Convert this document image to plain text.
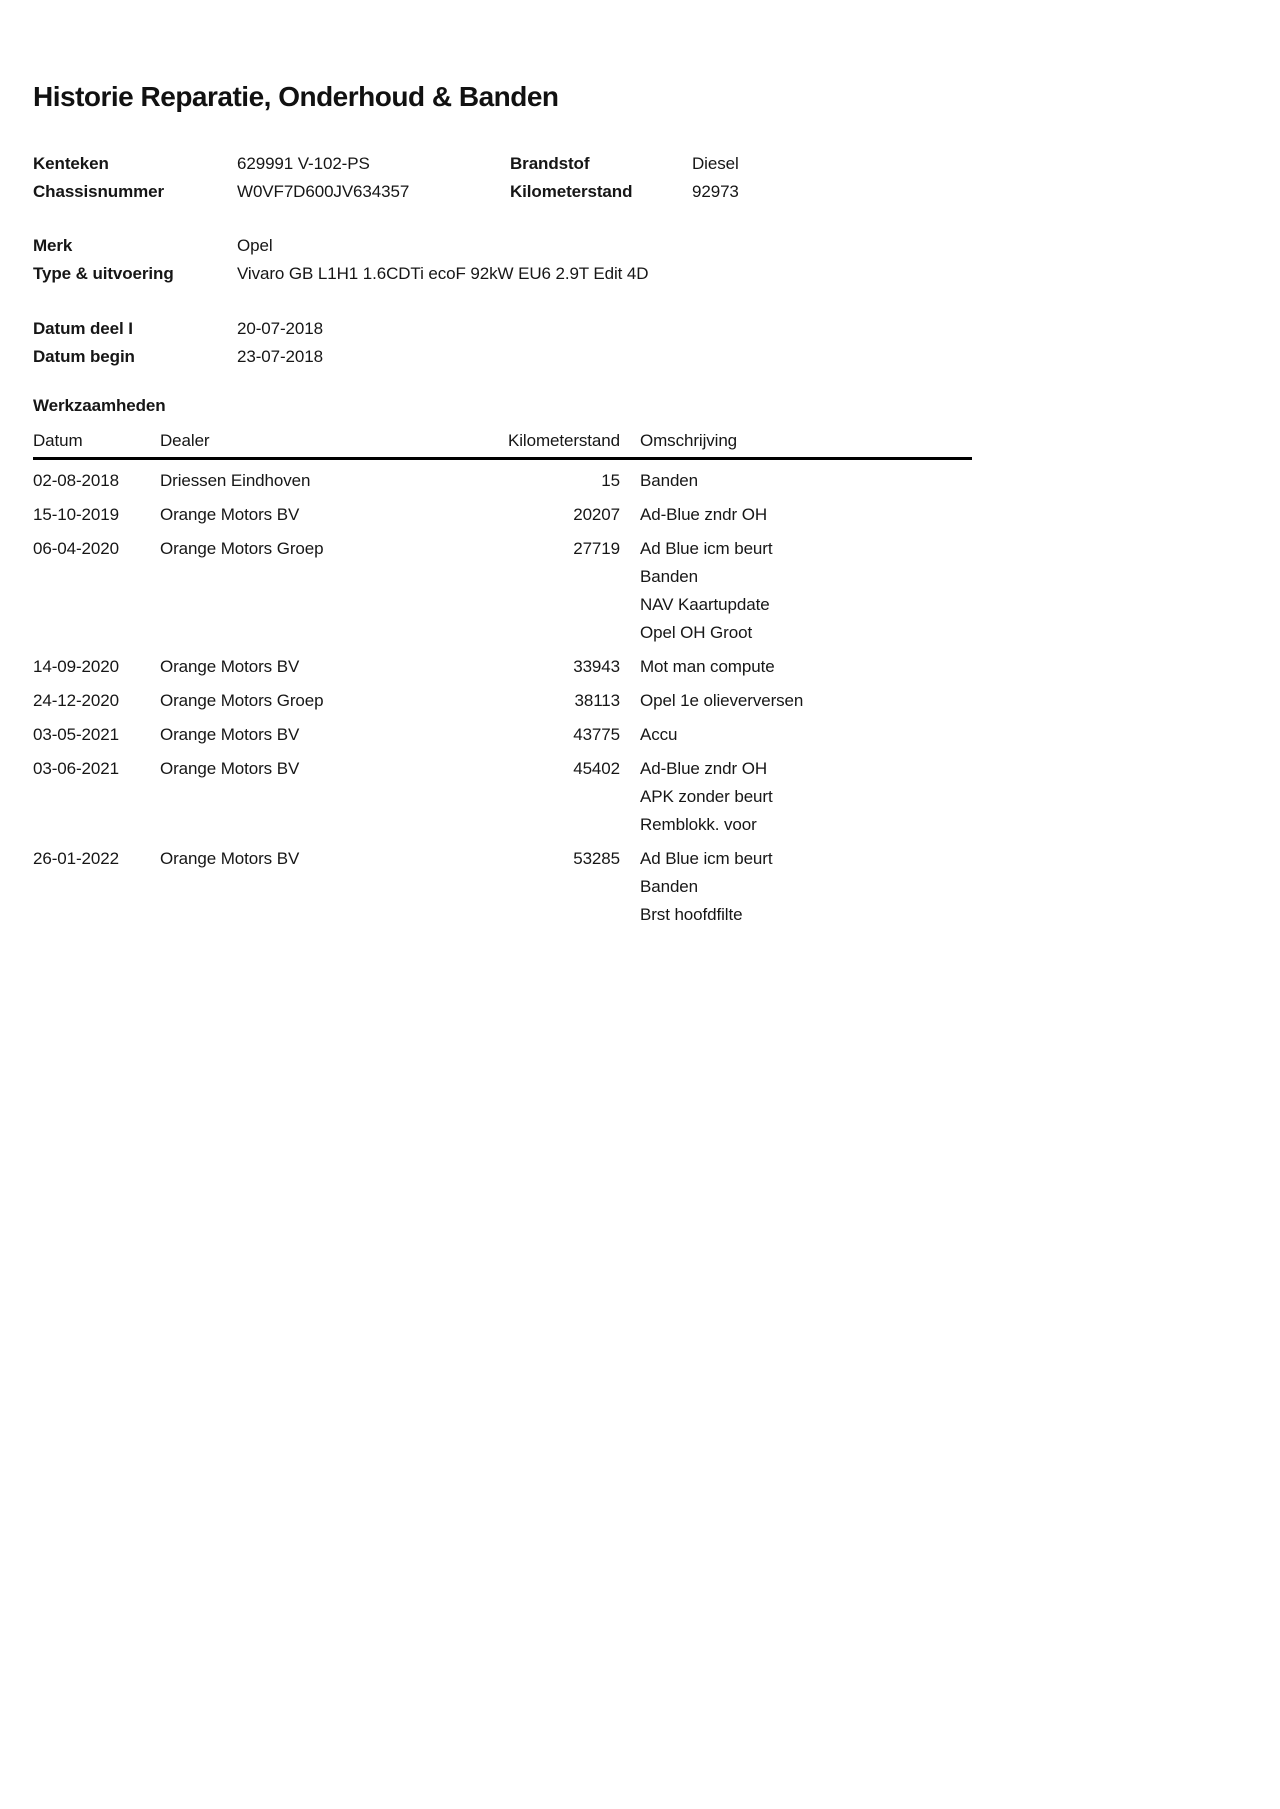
Historie Reparatie, Onderhoud & Banden
Kenteken	629991 V-102-PS	Brandstof	Diesel
Chassisnummer	W0VF7D600JV634357	Kilometerstand	92973
Merk	Opel
Type & uitvoering	Vivaro GB L1H1 1.6CDTi ecoF 92kW EU6 2.9T Edit 4D
Datum deel I	20-07-2018
Datum begin	23-07-2018
Werkzaamheden
Datum	Dealer	Kilometerstand	Omschrijving
02-08-2018	Driessen Eindhoven	15	Banden

15-10-2019	Orange Motors BV	20207	Ad-Blue zndr OH

06-04-2020	Orange Motors Groep	27719	Ad Blue icm beurt
Banden
NAV Kaartupdate
Opel OH Groot

14-09-2020	Orange Motors BV	33943	Mot man compute

24-12-2020	Orange Motors Groep	38113	Opel 1e olieverversen

03-05-2021	Orange Motors BV	43775	Accu

03-06-2021	Orange Motors BV	45402	Ad-Blue zndr OH
APK zonder beurt
Remblokk. voor

26-01-2022	Orange Motors BV	53285	Ad Blue icm beurt
Banden
Brst hoofdfilte
